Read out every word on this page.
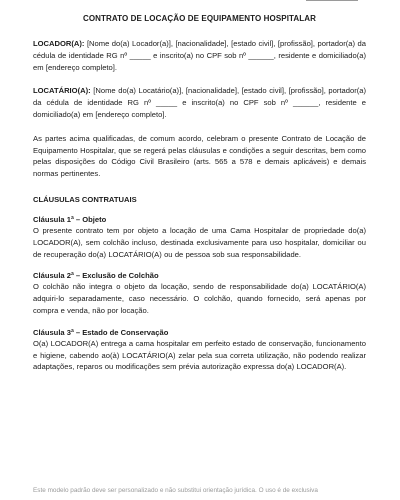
CONTRATO DE LOCAÇÃO DE EQUIPAMENTO HOSPITALAR

LOCADOR(A): [Nome do(a) Locador(a)], [nacionalidade], [estado civil], [profissão], portador(a) da cédula de identidade RG nº _____ e inscrito(a) no CPF sob nº ______, residente e domiciliado(a) em [endereço completo].

LOCATÁRIO(A): [Nome do(a) Locatário(a)], [nacionalidade], [estado civil], [profissão], portador(a) da cédula de identidade RG nº _____ e inscrito(a) no CPF sob nº ______, residente e domiciliado(a) em [endereço completo].

As partes acima qualificadas, de comum acordo, celebram o presente Contrato de Locação de Equipamento Hospitalar, que se regerá pelas cláusulas e condições a seguir descritas, bem como pelas disposições do Código Civil Brasileiro (arts. 565 a 578 e demais aplicáveis) e demais normas pertinentes.

CLÁUSULAS CONTRATUAIS
Cláusula 1ª – Objeto

O presente contrato tem por objeto a locação de uma Cama Hospitalar de propriedade do(a) LOCADOR(A), sem colchão incluso, destinada exclusivamente para uso hospitalar, domiciliar ou de recuperação do(a) LOCATÁRIO(A) ou de pessoa sob sua responsabilidade.

Cláusula 2ª – Exclusão de Colchão

O colchão não integra o objeto da locação, sendo de responsabilidade do(a) LOCATÁRIO(A) adquiri-lo separadamente, caso necessário. O colchão, quando fornecido, será apenas por compra e venda, não por locação.

Cláusula 3ª – Estado de Conservação

O(a) LOCADOR(A) entrega a cama hospitalar em perfeito estado de conservação, funcionamento e higiene, cabendo ao(à) LOCATÁRIO(A) zelar pela sua correta utilização, não podendo realizar adaptações, reparos ou modificações sem prévia autorização expressa do(a) LOCADOR(A).

Este modelo padrão deve ser personalizado e não substitui orientação jurídica. O uso é de exclusiva
